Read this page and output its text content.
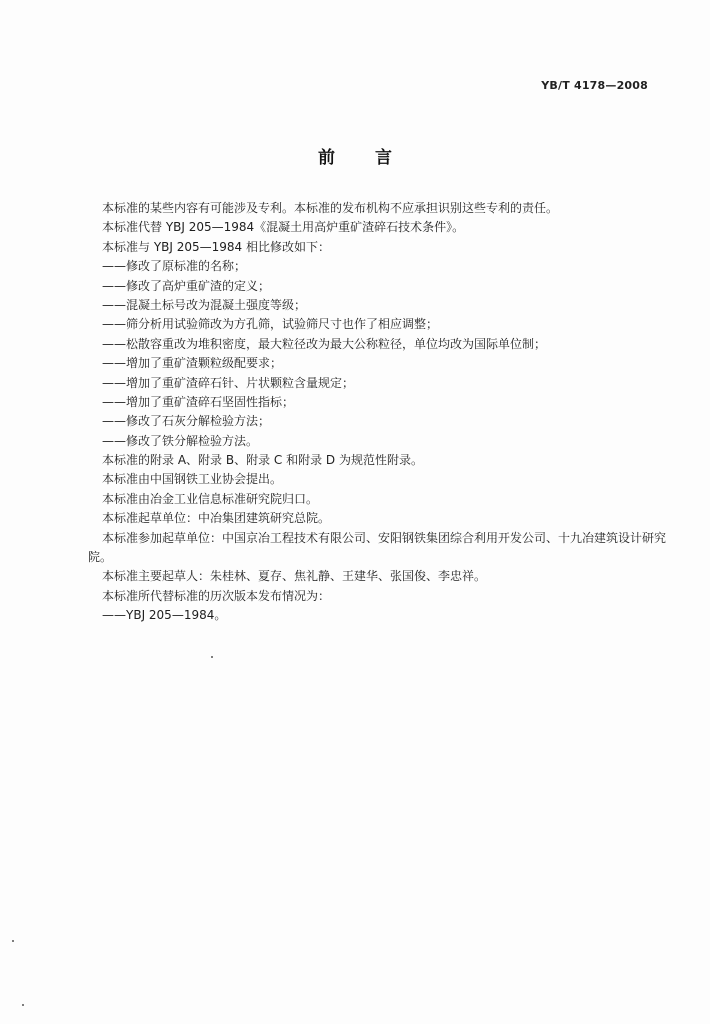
YB/T 4178—2008
前 言
本标准的某些内容有可能涉及专利。本标准的发布机构不应承担识别这些专利的责任。
本标准代替 YBJ 205—1984《混凝土用高炉重矿渣碎石技术条件》。
本标准与 YBJ 205—1984 相比修改如下：
——修改了原标准的名称；
——修改了高炉重矿渣的定义；
——混凝土标号改为混凝土强度等级；
——筛分析用试验筛改为方孔筛，试验筛尺寸也作了相应调整；
——松散容重改为堆积密度，最大粒径改为最大公称粒径，单位均改为国际单位制；
——增加了重矿渣颗粒级配要求；
——增加了重矿渣碎石针、片状颗粒含量规定；
——增加了重矿渣碎石坚固性指标；
——修改了石灰分解检验方法；
——修改了铁分解检验方法。
本标准的附录 A、附录 B、附录 C 和附录 D 为规范性附录。
本标准由中国钢铁工业协会提出。
本标准由冶金工业信息标准研究院归口。
本标准起草单位：中冶集团建筑研究总院。
本标准参加起草单位：中国京冶工程技术有限公司、安阳钢铁集团综合利用开发公司、十九冶建筑设计研究院。
本标准主要起草人：朱桂林、夏存、焦礼静、王建华、张国俊、李忠祥。
本标准所代替标准的历次版本发布情况为：
——YBJ 205—1984。
